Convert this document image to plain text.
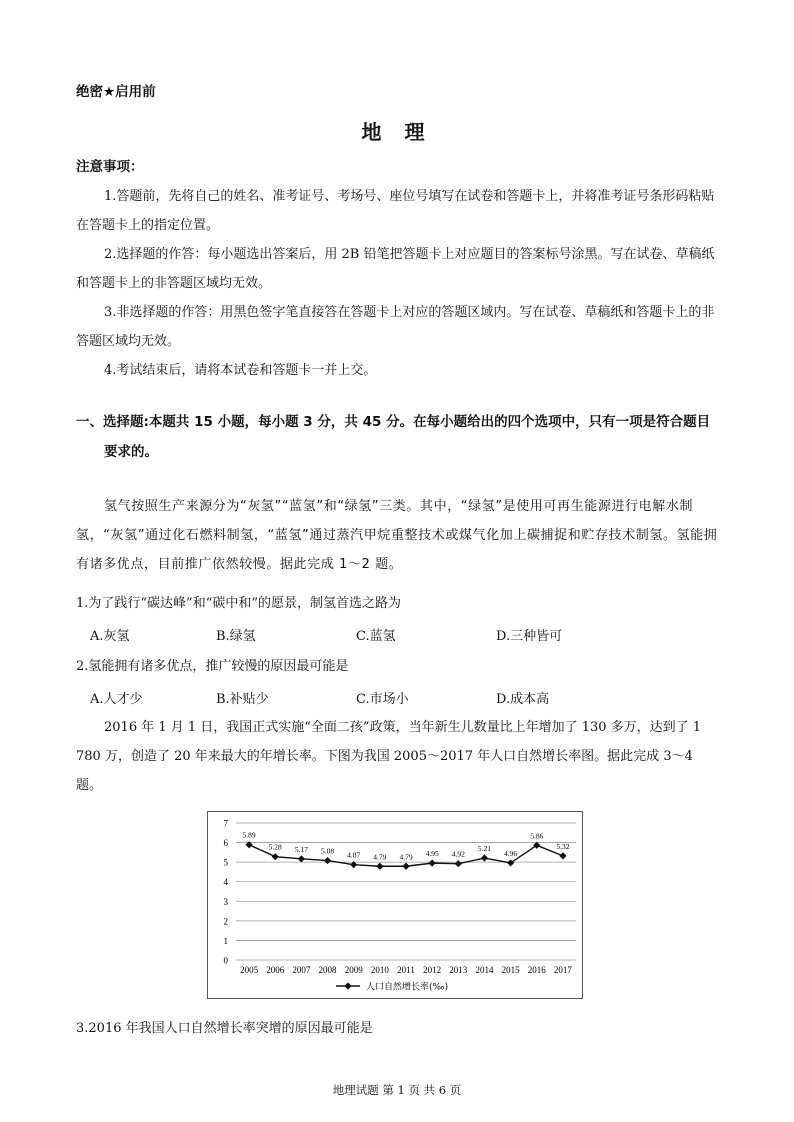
绝密★启用前
地 理
注意事项：

1.答题前，先将自己的姓名、准考证号、考场号、座位号填写在试卷和答题卡上，并将准考证号条形码粘贴在答题卡上的指定位置。

2.选择题的作答：每小题选出答案后，用 2B 铅笔把答题卡上对应题目的答案标号涂黑。写在试卷、草稿纸和答题卡上的非答题区域均无效。

3.非选择题的作答：用黑色签字笔直接答在答题卡上对应的答题区域内。写在试卷、草稿纸和答题卡上的非答题区域均无效。

4.考试结束后，请将本试卷和答题卡一并上交。

一、选择题:本题共 15 小题，每小题 3 分，共 45 分。在每小题给出的四个选项中，只有一项是符合题目
要求的。

氢气按照生产来源分为“灰氢”“蓝氢”和“绿氢”三类。其中，“绿氢”是使用可再生能源进行电解水制氢，“灰氢”通过化石燃料制氢，“蓝氢”通过蒸汽甲烷重整技术或煤气化加上碳捕捉和贮存技术制氢。氢能拥有诸多优点，目前推广依然较慢。据此完成 1～2 题。

1.为了践行“碳达峰”和“碳中和”的愿景，制氢首选之路为
A.灰氢	B.绿氢	C.蓝氢	D.三种皆可
2.氢能拥有诸多优点，推广较慢的原因最可能是
A.人才少	B.补贴少	C.市场小	D.成本高

2016 年 1 月 1 日，我国正式实施“全面二孩”政策，当年新生儿数量比上年增加了 130 多万，达到了 1 780 万，创造了 20 年来最大的年增长率。下图为我国 2005～2017 年人口自然增长率图。据此完成 3～4 题。

0
1
2
3
4
5
6
7
2005 2006 2007 2008 2009 2010 2011 2012 2013 2014 2015 2016 2017
5.89
5.28 5.17 5.08 4.87 4.79 4.79 4.95 4.92
5.21
4.96
5.86
5.32
人口自然增长率(‰)
3.2016 年我国人口自然增长率突增的原因最可能是
地理试题 第 1 页 共 6 页
